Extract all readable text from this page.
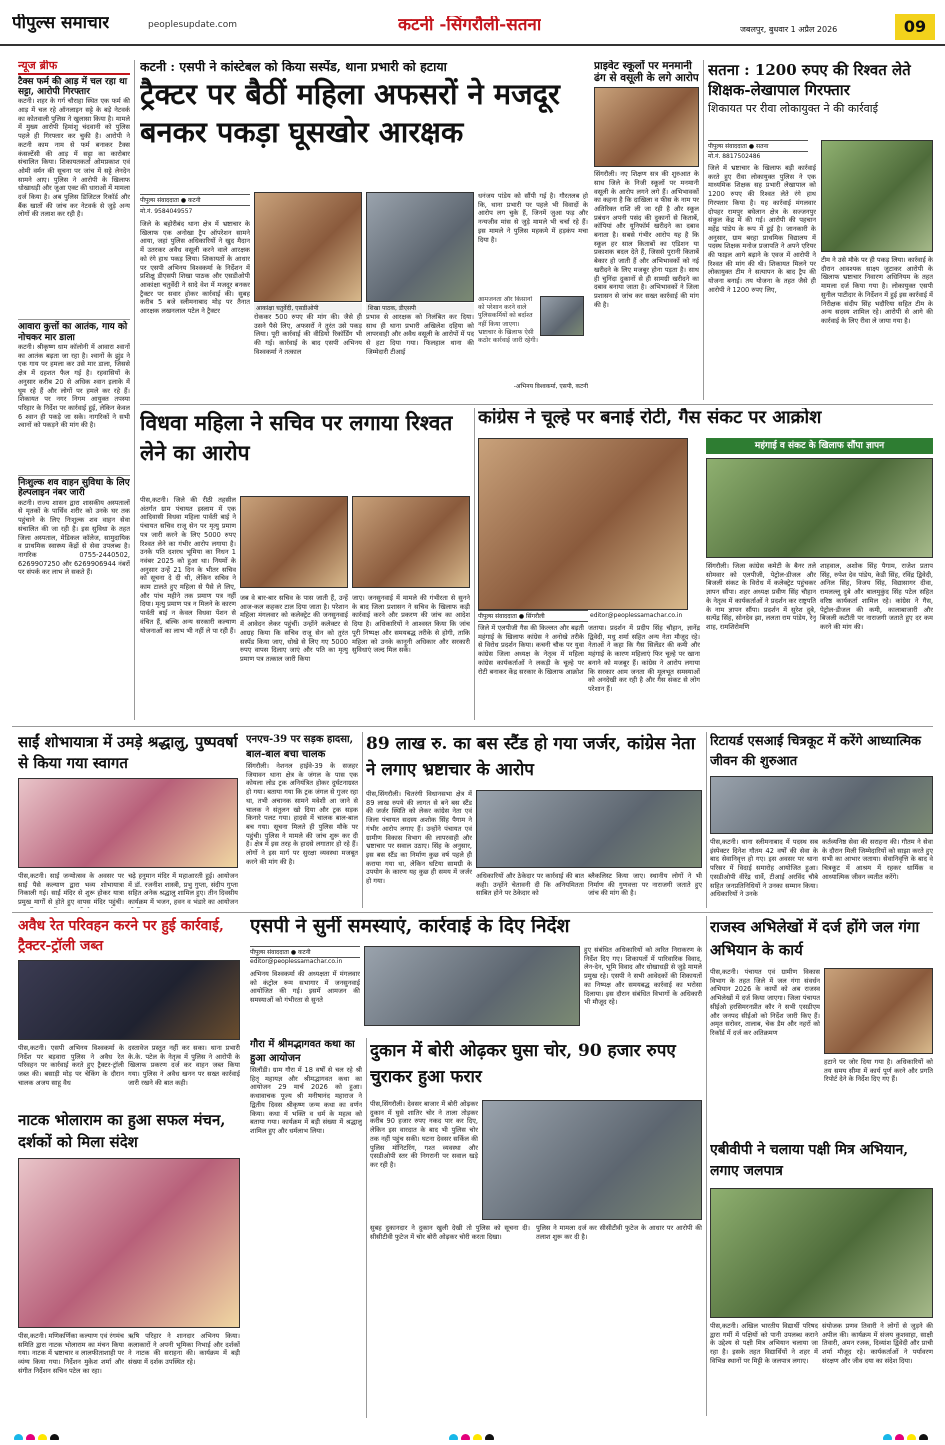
पीपुल्स समाचार	peoplesupdate.com	कटनी -सिंगरौली-सतना	जबलपुर, बुधवार 1 अप्रैल 2026	09
न्यूज ब्रीफ
टैक्स फर्म की आड़ में चल रहा था सट्टा, आरोपी गिरफ्तार
कटनी। शहर के गर्ग चौराहा स्थित एक फर्म की आड़ में चल रहे ऑनलाइन सट्टे के बड़े नेटवर्क का कोतवाली पुलिस ने खुलासा किया है। मामले में मुख्य आरोपी हिमांशु चंदवानी को पुलिस पहले ही गिरफ्तार कर चुकी है। आरोपी ने कटनी काम नाम से फर्म बनाकर टैक्स कंसल्टेंसी की आड़ में सट्टा का कारोबार संचालित किया। शिकायतकर्ता ओमप्रकाश एवं ओमी वर्मन की सूचना पर जांच में सट्टे लेनदेन सामने आए। पुलिस ने आरोपी के खिलाफ धोखाधड़ी और जुआ एक्ट की धाराओं में मामला दर्ज किया है। अब पुलिस डिजिटल रिकॉर्ड और बैंक खातों की जांच कर नेटवर्क से जुड़े अन्य लोगों की तलाश कर रही है।
आवारा कुत्तों का आतंक, गाय को नोचकर मार डाला
कटनी। श्रीकृष्ण धाम कॉलोनी में आवारा श्वानों का आतंक बढ़ता जा रहा है। श्वानों के झुंड ने एक गाय पर हमला कर उसे मार डाला, जिससे क्षेत्र में दहशत फैल गई है। रहवासियों के अनुसार करीब 20 से अधिक श्वान इलाके में घूम रहे हैं और लोगों पर हमले कर रहे हैं। शिकायत पर नगर निगम आयुक्त तपस्या परिहार के निर्देश पर कार्रवाई हुई, लेकिन केवल 6 श्वान ही पकड़े जा सके। नागरिकों ने सभी श्वानों को पकड़ने की मांग की है।
निःशुल्क शव वाहन सुविधा के लिए हेल्पलाइन नंबर जारी
कटनी। राज्य शासन द्वारा शासकीय अस्पतालों से मृतकों के पार्थिव शरीर को उनके घर तक पहुंचाने के लिए निःशुल्क शव वाहन सेवा संचालित की जा रही है। इस सुविधा के तहत जिला अस्पताल, मेडिकल कॉलेज, सामुदायिक व प्राथमिक स्वास्थ्य केंद्रों से सेवा उपलब्ध है। नागरिक 0755-2440502, 6269907250 और 6269906944 नंबरों पर संपर्क कर लाभ ले सकते हैं।
कटनी : एसपी ने कांस्टेबल को किया सस्पेंड, थाना प्रभारी को हटाया
ट्रैक्टर पर बैठीं महिला अफसरों ने मजदूर बनकर पकड़ा घूसखोर आरक्षक
पीपुल्स संवाददाता ● कटनी
मो.नं. 9584049557
आकांक्षा चतुर्वेदी, एसडीओपी	शिखा पाठक, डीएसपी
जिले के बहोरीबंद थाना क्षेत्र में भ्रष्टाचार के खिलाफ एक अनोखा ट्रैप ऑपरेशन सामने आया, जहां पुलिस अधिकारियों ने खुद मैदान में उतरकर अवैध वसूली करने वाले आरक्षक को रंगे हाथ पकड़ लिया। शिकायतों के आधार पर एसपी अभिनय विश्वकर्मा के निर्देशन में प्रशिक्षु डीएसपी शिखा पाठक और एसडीओपी आकांक्षा चतुर्वेदी ने सादे वेश में मजदूर बनकर ट्रैक्टर पर सवार होकर कार्रवाई की। सुबह करीब 5 बजे स्लीमनाबाद मोड़ पर तैनात आरक्षक लखनलाल पटेल ने ट्रैक्टर
रोककर 500 रुपए की मांग की। जैसे ही उसने पैसे लिए, अफसरों ने तुरंत उसे पकड़ लिया। पूरी कार्रवाई की वीडियो रिकॉर्डिंग भी की गई। कार्रवाई के बाद एसपी अभिनय विश्वकर्मा ने तत्काल
प्रभाव से आरक्षक को निलंबित कर दिया। साथ ही थाना प्रभारी अखिलेश दहिया को लापरवाही और अवैध वसूली के आरोपों में पद से हटा दिया गया। फिलहाल थाना की जिम्मेदारी टीआई
धनंजय पांडेय को सौंपी गई है। गौरतलब हो कि, थाना प्रभारी पर पहले भी विवादों के आरोप लग चुके हैं, जिनमें जुआ फड़ और नन्यजीव मांस से जुड़े मामले भी चर्चा रहे हैं। इस मामले ने पुलिस महकमे में हड़कंप मचा दिया है।
आमजनता और किसानों को परेशान करने वाले पुलिसकर्मियों को बर्दाश्त नहीं किया जाएगा। भ्रष्टाचार के खिलाफ ऐसी कठोर कार्रवाई जारी रहेगी।
-अभिनय विश्वकर्मा, एसपी, कटनी
प्राइवेट स्कूलों पर मनमानी ढंग से वसूली के लगे आरोप
सिंगरौली। नए शिक्षण सत्र की शुरुआत के साथ जिले के निजी स्कूलों पर मनमानी वसूली के आरोप लगने लगे हैं। अभिभावकों का कहना है कि दाखिला व फीस के नाम पर अतिरिक्त राशि ली जा रही है और स्कूल प्रबंधन अपनी पसंद की दुकानों से किताबें, कॉपियां और यूनिफॉर्म खरीदने का दबाव बनाता है। सबसे गंभीर आरोप यह है कि स्कूल हर साल किताबों का एडिशन या प्रकाशक बदल देते हैं, जिससे पुरानी किताबें बेकार हो जाती हैं और अभिभावकों को नई खरीदने के लिए मजबूर होना पड़ता है। साथ ही चुनिंदा दुकानों से ही सामग्री खरीदने का दबाव बनाया जाता है। अभिभावकों ने जिला प्रशासन से जांच कर सख्त कार्रवाई की मांग की है।
सतना : 1200 रुपए की रिश्वत लेते शिक्षक-लेखापाल गिरफ्तार
शिकायत पर रीवा लोकायुक्त ने की कार्रवाई
पीपुल्स संवाददाता ● सतना
मो.नं. 8817502486
जिले में भ्रष्टाचार के खिलाफ बड़ी कार्रवाई करते हुए रीवा लोकायुक्त पुलिस ने एक माध्यमिक शिक्षक सह प्रभारी लेखापाल को 1200 रुपए की रिश्वत लेते रंगे हाथ गिरफ्तार किया है। यह कार्रवाई मंगलवार दोपहर रामपुर बघेलान क्षेत्र के सज्जनपुर संकुल केंद्र में की गई। आरोपी की पहचान महेंद्र पांडेय के रूप में हुई है। जानकारी के अनुसार, ग्राम बरहा प्राथमिक विद्यालय में पदस्थ शिक्षक मनोज प्रजापति ने अपने एरियर की फाइल आगे बढ़ाने के एवज में आरोपी ने रिश्वत की मांग की थी। शिकायत मिलने पर लोकायुक्त टीम ने सत्यापन के बाद ट्रैप की योजना बनाई। तय योजना के तहत जैसे ही आरोपी ने 1200 रुपए लिए,
टीम ने उसे मौके पर ही पकड़ लिया। कार्रवाई के दौरान आवश्यक साक्ष्य जुटाकर आरोपी के खिलाफ भ्रष्टाचार निवारण अधिनियम के तहत मामला दर्ज किया गया है। लोकायुक्त एसपी सुनील पाटीदार के निर्देशन में हुई इस कार्रवाई में निरीक्षक संदीप सिंह भदौरिया सहित टीम के अन्य सदस्य शामिल रहे। आरोपी से आगे की कार्रवाई के लिए रीवा ले जाया गया है।
विधवा महिला ने सचिव पर लगाया रिश्वत लेने का आरोप
पीस,कटनी। जिले की रीठी तहसील अंतर्गत ग्राम पंचायत इस्लाम में एक आदिवासी विधवा महिला पार्वती बाई ने पंचायत सचिव राजू सेन पर मृत्यु प्रमाण पत्र जारी करने के लिए 5000 रुपए रिश्वत लेने का गंभीर आरोप लगाया है। उनके पति दशरथ भूमिया का निधन 1 नवंबर 2025 को हुआ था। नियमों के अनुसार उन्हें 21 दिन के भीतर सचिव को सूचना दे दी थी, लेकिन सचिव ने काम टालते हुए महिला से पैसे ले लिए, और पांच महीने तक प्रमाण पत्र नहीं दिया। मृत्यु प्रमाण पत्र न मिलने के कारण पार्वती बाई न केवल विधवा पेंशन से वंचित हैं, बल्कि अन्य सरकारी कल्याण योजनाओं का लाभ भी नहीं ले पा रही हैं।
जब वे बार-बार सचिव के पास जाती हैं, उन्हें आज-कल कहकर टाल दिया जाता है। परेशान महिला मंगलवार को कलेक्ट्रेट की जनसुनवाई में आवेदन लेकर पहुंचीं। उन्होंने कलेक्टर से आग्रह किया कि सचिव राजू सेन को तुरंत सस्पेंड किया जाए, धोखे से लिए गए 5000 रुपए वापस दिलाए जाएं और पति का मृत्यु प्रमाण पत्र तत्काल जारी किया
जाए। जनसुनवाई में मामले की गंभीरता से सुनने के बाद जिला प्रशासन ने सचिव के खिलाफ कड़ी कार्रवाई करने और प्रकरण की जांच का आदेश दिया है। अधिकारियों ने आश्वस्त किया कि जांच पूरी निष्पक्ष और समयबद्ध तरीके से होगी, ताकि महिला को उनके कानूनी अधिकार और सरकारी सुविधाएं जल्द मिल सकें।
कांग्रेस ने चूल्हे पर बनाई रोटी, गैस संकट पर आक्रोश
पीपुल्स संवाददाता ● सिंगरौली	editor@peoplessamachar.co.in
जिले में एलपीजी गैस की किल्लत और बढ़ती महंगाई के खिलाफ कांग्रेस ने अनोखे तरीके से विरोध प्रदर्शन किया। कचनी चौक पर युवा कांग्रेस जिला अध्यक्ष के नेतृत्व में महिला कांग्रेस कार्यकर्ताओं ने लकड़ी के चूल्हे पर रोटी बनाकर केंद्र सरकार के खिलाफ आक्रोश
जताया। प्रदर्शन में प्रदीप सिंह चौहान, ज्ञानेंद्र द्विवेदी, मधु शर्मा सहित अन्य नेता मौजूद रहे। नेताओं ने कहा कि गैस सिलेंडर की कमी और महंगाई के कारण महिलाएं फिर चूल्हे पर खाना बनाने को मजबूर हैं। कांग्रेस ने आरोप लगाया कि सरकार आम जनता की मूलभूत समस्याओं को अनदेखी कर रही है और गैस संकट से लोग परेशान हैं।
महंगाई व संकट के खिलाफ सौंपा ज्ञापन
सिंगरौली। जिला कांग्रेस कमेटी के बैनर तले सोमवार को एलपीजी, पेट्रोल-डीजल और बिजली संकट के विरोध में कलेक्ट्रेट पहुंचकर ज्ञापन सौंपा। शहर अध्यक्ष प्रवीण सिंह चौहान के नेतृत्व में कार्यकर्ताओं ने प्रदर्शन कर राष्ट्रपति के नाम ज्ञापन सौंपा। प्रदर्शन में सुरेश दुबे, सत्येंद्र सिंह, सोनदेव झा, ललता राम पांडेय, रेनू शाह, रामशिरोमणि
शाहवाल, अशोक सिंह पैगाम, राजेश प्रताप सिंह, रुपेश देव पांडेय, केडी सिंह, रविंद्र द्विवेदी, अनिल सिंह, विजय सिंह, विद्यासागर दीवा, रामलल्लू दुबे और बालमुकुंद सिंह पटेल सहित वरिष्ठ कार्यकर्ता शामिल रहे। कांग्रेस ने गैस, पेट्रोल-डीजल की कमी, कालाबाजारी और बिजली कटौती पर नाराजगी जताते हुए दर कम करने की मांग की।
साईं शोभायात्रा में उमड़े श्रद्धालु, पुष्पवर्षा से किया गया स्वागत
पीस,कटनी। साईं जन्मोत्सव के अवसर पर साईं पैसे कल्याण द्वारा भव्य शोभायात्रा निकाली गई। साईं मंदिर से शुरू होकर यात्रा प्रमुख मार्गों से होते हुए वापस मंदिर पहुंची।
चढ़े हनुमान मंदिर में महाआरती हुई। आयोजन में डॉ. रजनीश शास्त्री, प्रभु गुप्ता, संदीप गुप्ता सहित अनेक श्रद्धालु शामिल हुए। तीन दिवसीय कार्यक्रम में भजन, हवन व भंडारे का आयोजन
एनएच-39 पर सड़क हादसा, बाल-बाल बचा चालक
सिंगरौली। नेशनल हाईवे-39 के सजहर जियावन थाना क्षेत्र के जंगल के पास एक कोयला लोड ट्रक अनियंत्रित होकर दुर्घटनाग्रस्त हो गया। बताया गया कि ट्रक जंगल से गुजर रहा था, तभी अचानक सामने मवेशी आ जाने से चालक ने संतुलन खो दिया और ट्रक सड़क किनारे पलट गया। हादसे में चालक बाल-बाल बच गया। सूचना मिलते ही पुलिस मौके पर पहुंची। पुलिस ने मामले की जांच शुरू कर दी है। क्षेत्र में इस तरह के हादसे लगातार हो रहे हैं। लोगों ने इस मार्ग पर सुरक्षा व्यवस्था मजबूत करने की मांग की है।
89 लाख रु. का बस स्टैंड हो गया जर्जर, कांग्रेस नेता ने लगाए भ्रष्टाचार के आरोप
पीस,सिंगरौली। चितरंगी विधानसभा क्षेत्र में 89 लाख रुपये की लागत से बने बस स्टैंड की जर्जर स्थिति को लेकर कांग्रेस नेता एवं जिला पंचायत सदस्य अशोक सिंह पैगाम ने गंभीर आरोप लगाए हैं। उन्होंने पंचायत एवं ग्रामीण विकास विभाग की लापरवाही और भ्रष्टाचार पर सवाल उठाए। सिंह के अनुसार, इस बस स्टैंड का निर्माण कुछ वर्ष पहले ही कराया गया था, लेकिन घटिया सामग्री के उपयोग के कारण यह कुछ ही समय में जर्जर हो गया।
अधिकारियों और ठेकेदार पर कार्रवाई की बात कही। उन्होंने चेतावनी दी कि अनियमितता साबित होने पर ठेकेदार को
ब्लैकलिस्ट किया जाए। स्थानीय लोगों ने भी निर्माण की गुणवत्ता पर नाराजगी जताते हुए जांच की मांग की है।
रिटायर्ड एसआई चित्रकूट में करेंगे आध्यात्मिक जीवन की शुरुआत
पीस,कटनी। थाना स्लीमनाबाद में पदस्थ सब इंस्पेक्टर दिनेश गौतम 42 वर्षों की सेवा के बाद सेवानिवृत्त हो गए। इस अवसर पर थाना परिसर में विदाई समारोह आयोजित हुआ। एसडीओपी वीरेंद्र धार्वे, टीआई अरविंद चौबे सहित जनप्रतिनिधियों ने उनका सम्मान किया। अधिकारियों ने उनके
कर्तव्यनिष्ठ सेवा की सराहना की। गौतम ने सेवा के दौरान मिली जिम्मेदारियों को साझा करते हुए सभी का आभार जताया। सेवानिवृत्ति के बाद वे चित्रकूट में आश्रम में रहकर धार्मिक व आध्यात्मिक जीवन व्यतीत करेंगे।
अवैध रेत परिवहन करने पर हुई कार्रवाई, ट्रैक्टर-ट्रॉली जब्त
पीस,कटनी। एसपी अभिनय विश्वकर्मा के निर्देश पर बड़वारा पुलिस ने अवैध रेत परिवहन पर कार्रवाई करते हुए ट्रैक्टर-ट्रॉली जब्त की। बसाड़ी मोड़ पर चेकिंग के दौरान चालक अजय साहू वैध
दस्तावेज प्रस्तुत नहीं कर सका। थाना प्रभारी के.के. पटेल के नेतृत्व में पुलिस ने आरोपी के खिलाफ प्रकरण दर्ज कर वाहन जब्त किया गया। पुलिस ने अवैध खनन पर सख्त कार्रवाई जारी रखने की बात कही।
एसपी ने सुनीं समस्याएं, कार्रवाई के दिए निर्देश
पीपुल्स संवाददाता ● कटनी
editor@peoplessamachar.co.in
अभिनय विश्वकर्मा की अध्यक्षता में मंगलवार को कंट्रोल रूम सभागार में जनसुनवाई आयोजित की गई। इसमें आमजन की समस्याओं को गंभीरता से सुनते
हुए संबंधित अधिकारियों को त्वरित निराकरण के निर्देश दिए गए। शिकायतों में पारिवारिक विवाद, लेन-देन, भूमि विवाद और धोखाधड़ी से जुड़े मामले प्रमुख रहे। एसपी ने सभी आवेदकों की शिकायतों का निष्पक्ष और समयबद्ध कार्रवाई का भरोसा दिलाया। इस दौरान संबंधित विभागों के अधिकारी भी मौजूद रहे।
गौरा में श्रीमद्भागवत कथा का हुआ आयोजन
सिलौंडी। ग्राम गौरा में 18 वर्षों से चल रहे श्री हितृ महायज्ञ और श्रीमद्भागवत कथा का आयोजन 29 मार्च 2026 को हुआ। कथावाचक पूज्य श्री मनीषानंद महाराज ने द्वितीय दिवस श्रीकृष्ण जन्म कथा का वर्णन किया। कथा में भक्ति व धर्म के महत्व को बताया गया। कार्यक्रम में बड़ी संख्या में श्रद्धालु शामिल हुए और धर्मलाभ लिया।
दुकान में बोरी ओढ़कर घुसा चोर, 90 हजार रुपए चुराकर हुआ फरार
पीस,सिंगरौली। देवसर बाजार में बोरी ओढ़कर दुकान में घुसे शातिर चोर ने ताला तोड़कर करीब 90 हजार रुपए नकद पार कर दिए, लेकिन इस वारदात के बाद भी पुलिस चोर तक नहीं पहुंच सकी। घटना देवसर सर्किल की पुलिस मॉनिटरिंग, गश्त व्यवस्था और एसडीओपी स्तर की निगरानी पर सवाल खड़े कर रही है।
सुबह दुकानदार ने दुकान खुली देखी तो पुलिस को सूचना दी। सीसीटीवी फुटेज में चोर बोरी ओढ़कर चोरी करता दिखा।
पुलिस ने मामला दर्ज कर सीसीटीवी फुटेज के आधार पर आरोपी की तलाश शुरू कर दी है।
राजस्व अभिलेखों में दर्ज होंगे जल गंगा अभियान के कार्य
पीस,कटनी। पंचायत एवं ग्रामीण विकास विभाग के तहत जिले में जल गंगा संवर्धन अभियान 2026 के कार्यों को अब राजस्व अभिलेखों में दर्ज किया जाएगा। जिला पंचायत सीईओ हरसिमरनप्रीत कौर ने सभी एसडीएम और जनपद सीईओ को निर्देश जारी किए हैं। अमृत सरोवर, तालाब, चेक डैम और नहरों को रिकॉर्ड में दर्ज कर अतिक्रमण
हटाने पर जोर दिया गया है। अधिकारियों को तय समय सीमा में कार्य पूर्ण करने और प्रगति रिपोर्ट देने के निर्देश दिए गए हैं।
नाटक भोलाराम का हुआ सफल मंचन, दर्शकों को मिला संदेश
पीस,कटनी। मणिकर्णिका कल्याण एवं रंगमंच समिति द्वारा नाटक भोलाराम का मंचन किया गया। नाटक में भ्रष्टाचार व लालफीताशाही पर व्यंग्य किया गया। निर्देशन मुकेश शर्मा और संगीत निर्देशन सचिन पटेल का रहा।
ऋषि परिहार ने शानदार अभिनय किया। कलाकारों ने अपनी भूमिका निभाई और दर्शकों ने नाटक की सराहना की। कार्यक्रम में बड़ी संख्या में दर्शक उपस्थित रहे।
एबीवीपी ने चलाया पक्षी मित्र अभियान, लगाए जलपात्र
पीस,कटनी। अखिल भारतीय विद्यार्थी परिषद द्वारा गर्मी में पक्षियों को पानी उपलब्ध कराने के उद्देश्य से पक्षी मित्र अभियान चलाया जा रहा है। इसके तहत विद्यार्थियों ने शहर में विभिन्न स्थानों पर मिट्टी के जलपात्र लगाए।
संयोजक प्रणव तिवारी ने लोगों से जुड़ने की अपील की। कार्यक्रम में संजय कुशवाहा, साक्षी तिवारी, अमन रजक, दिव्यांश द्विवेदी और प्राची शर्मा मौजूद रहे। कार्यकर्ताओं ने पर्यावरण संरक्षण और जीव दया का संदेश दिया।
